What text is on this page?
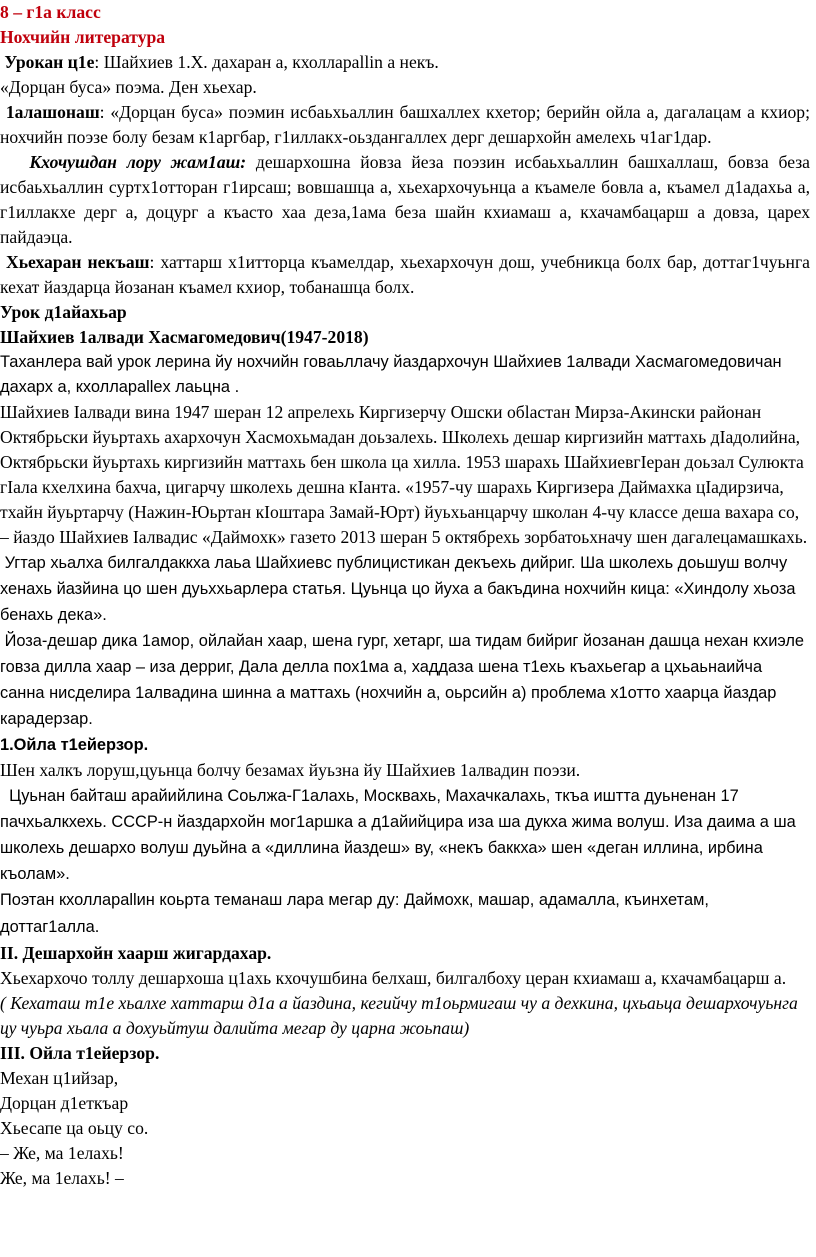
8 – г1а класс

Нохчийн литература

Урокан ц1е: Шайхиев 1.Х. дахаран а, кхолларallin а некъ.

«Дорцан буса» поэма. Ден хьехар.

1алашонаш: «Дорцан буса» поэмин исбаьхьаллин башхаллех кхетор; берийн ойла а, дагалацам а кхиор; нохчийн поэзе болу безам к1аргбар, г1иллакх-оьздангаллех дерг дешархойн амелехь ч1аг1дар.

Кхочушдан лору жам1аш: дешархошна йовза йеза поэзин исбаьхьаллин башхаллаш, бовза беза исбаьхьаллин суртх1отторан г1ирсаш; вовшашца а, хьехархочуьнца а къамеле бовла а, къамел д1адахьа а, г1иллакхе дерг а, доцург а къасто хаа деза,1ама беза шайн кхиамаш а, кхачамбацарш а довза, царех пайдаэца.

Хьехаран некъаш: хаттарш х1итторца къамелдар, хьехархочун дош, учебникца болх бар, доттаг1чуьнга кехат йаздарца йозанан къамел кхиор, тобанашца болх.

Урок д1айахьар

Шайхиев 1алвади Хасмагомедович(1947-2018)

Таханлера вай урок лерина йу нохчийн говаьллачу йаздархочун Шайхиев 1алвади Хасмагомедовичан дахарх а, кхолларallex лаьцна .

Шайхиев Іалвади вина 1947 шеран 12 апрелехь Киргизерчу Ошски обlастан Мирза-Акински районан Октябрьски йуьртахь ахархочун Хасмохьмадан доьзалехь. Школехь дешар киргизийн маттахь дІадолийна, Октябрьски йуьртахь киргизийн маттахь бен школа ца хилла. 1953 шарахь ШайхиевгІеран доьзал Сулюкта гІала кхелхина бахча, цигарчу школехь дешна кІанта. «1957-чу шарахь Киргизера Даймахка цІадирзича, тхайн йуьртарчу (Нажин-Юьртан кІоштара Замай-Юрт) йуьхьанцарчу школан 4-чу классе деша вахара со, – йаздо Шайхиев Іалвадис «Даймохк» газето 2013 шеран 5 октябрехь зорбатоьхначу шен дагалецамашкахь.

Угтар хьалха билгалдаккха лаьа Шайхиевс публицистикан декъехь дийриг. Ша школехь доьшуш волчу хенахь йазйина цо шен дуьххьарлера статья. Цуьнца цо йуха а бакъдина нохчийн кица: «Хиндолу хьоза бенахь дека».

Йоза-дешар дика 1амор, ойлайан хаар, шена гург, хетарг, ша тидам бийриг йозанан дашца нехан кхиэле говза дилла хаар – иза дерриг, Дала делла пох1ма а, хаддаза шена т1ехь къахьегар а цхьаьнаийча санна нисделира 1алвадина шинна а маттахь (нохчийн а, оьрсийн а) проблема х1отто хаарца йаздар карадерзар.

1.Ойла т1ейерзор.

Шен халкъ лоруш,цуьнца болчу безамах йуьзна йу Шайхиев 1алвадин поэзи.

Цуьнан байташ арайийлина Соьлжа-Г1алахь, Москвахь, Махачкалахь, ткъа иштта дуьненан 17 пачхьалкхехь. СССР-н йаздархойн мог1аршка а д1айийцира иза ша дукха жима волуш. Иза даима а ша школехь дешархо волуш дуьйна а «диллина йаздеш» ву, «некъ баккха» шен «деган иллина, ирбина къолам».

Поэтан кхолларallин коьрта теманаш лара мегар ду: Даймохк, машар, адамалла, къинхетам, доттаг1алла.

II. Дешархойн хаарш жигардахар.

Хьехархочо толлу дешархоша ц1ахь кхочушбина белхаш, билгалбоху церан кхиамаш а, кхачамбацарш а.

( Кехаташ т1е хьалхе хаттарш д1а а йаздина, кегийчу т1оьрмигаш чу а дехкина, цхьаьца дешархочуьнга цу чуьра хьала а дохуьйтуш далийта мегар ду царна жоьпаш)

III. Ойла т1ейерзор.

Механ ц1ийзар,

Дорцан д1еткъар

Хьесапе ца оьцу со.

– Же, ма 1елахь!

Же, ма 1елахь! –
